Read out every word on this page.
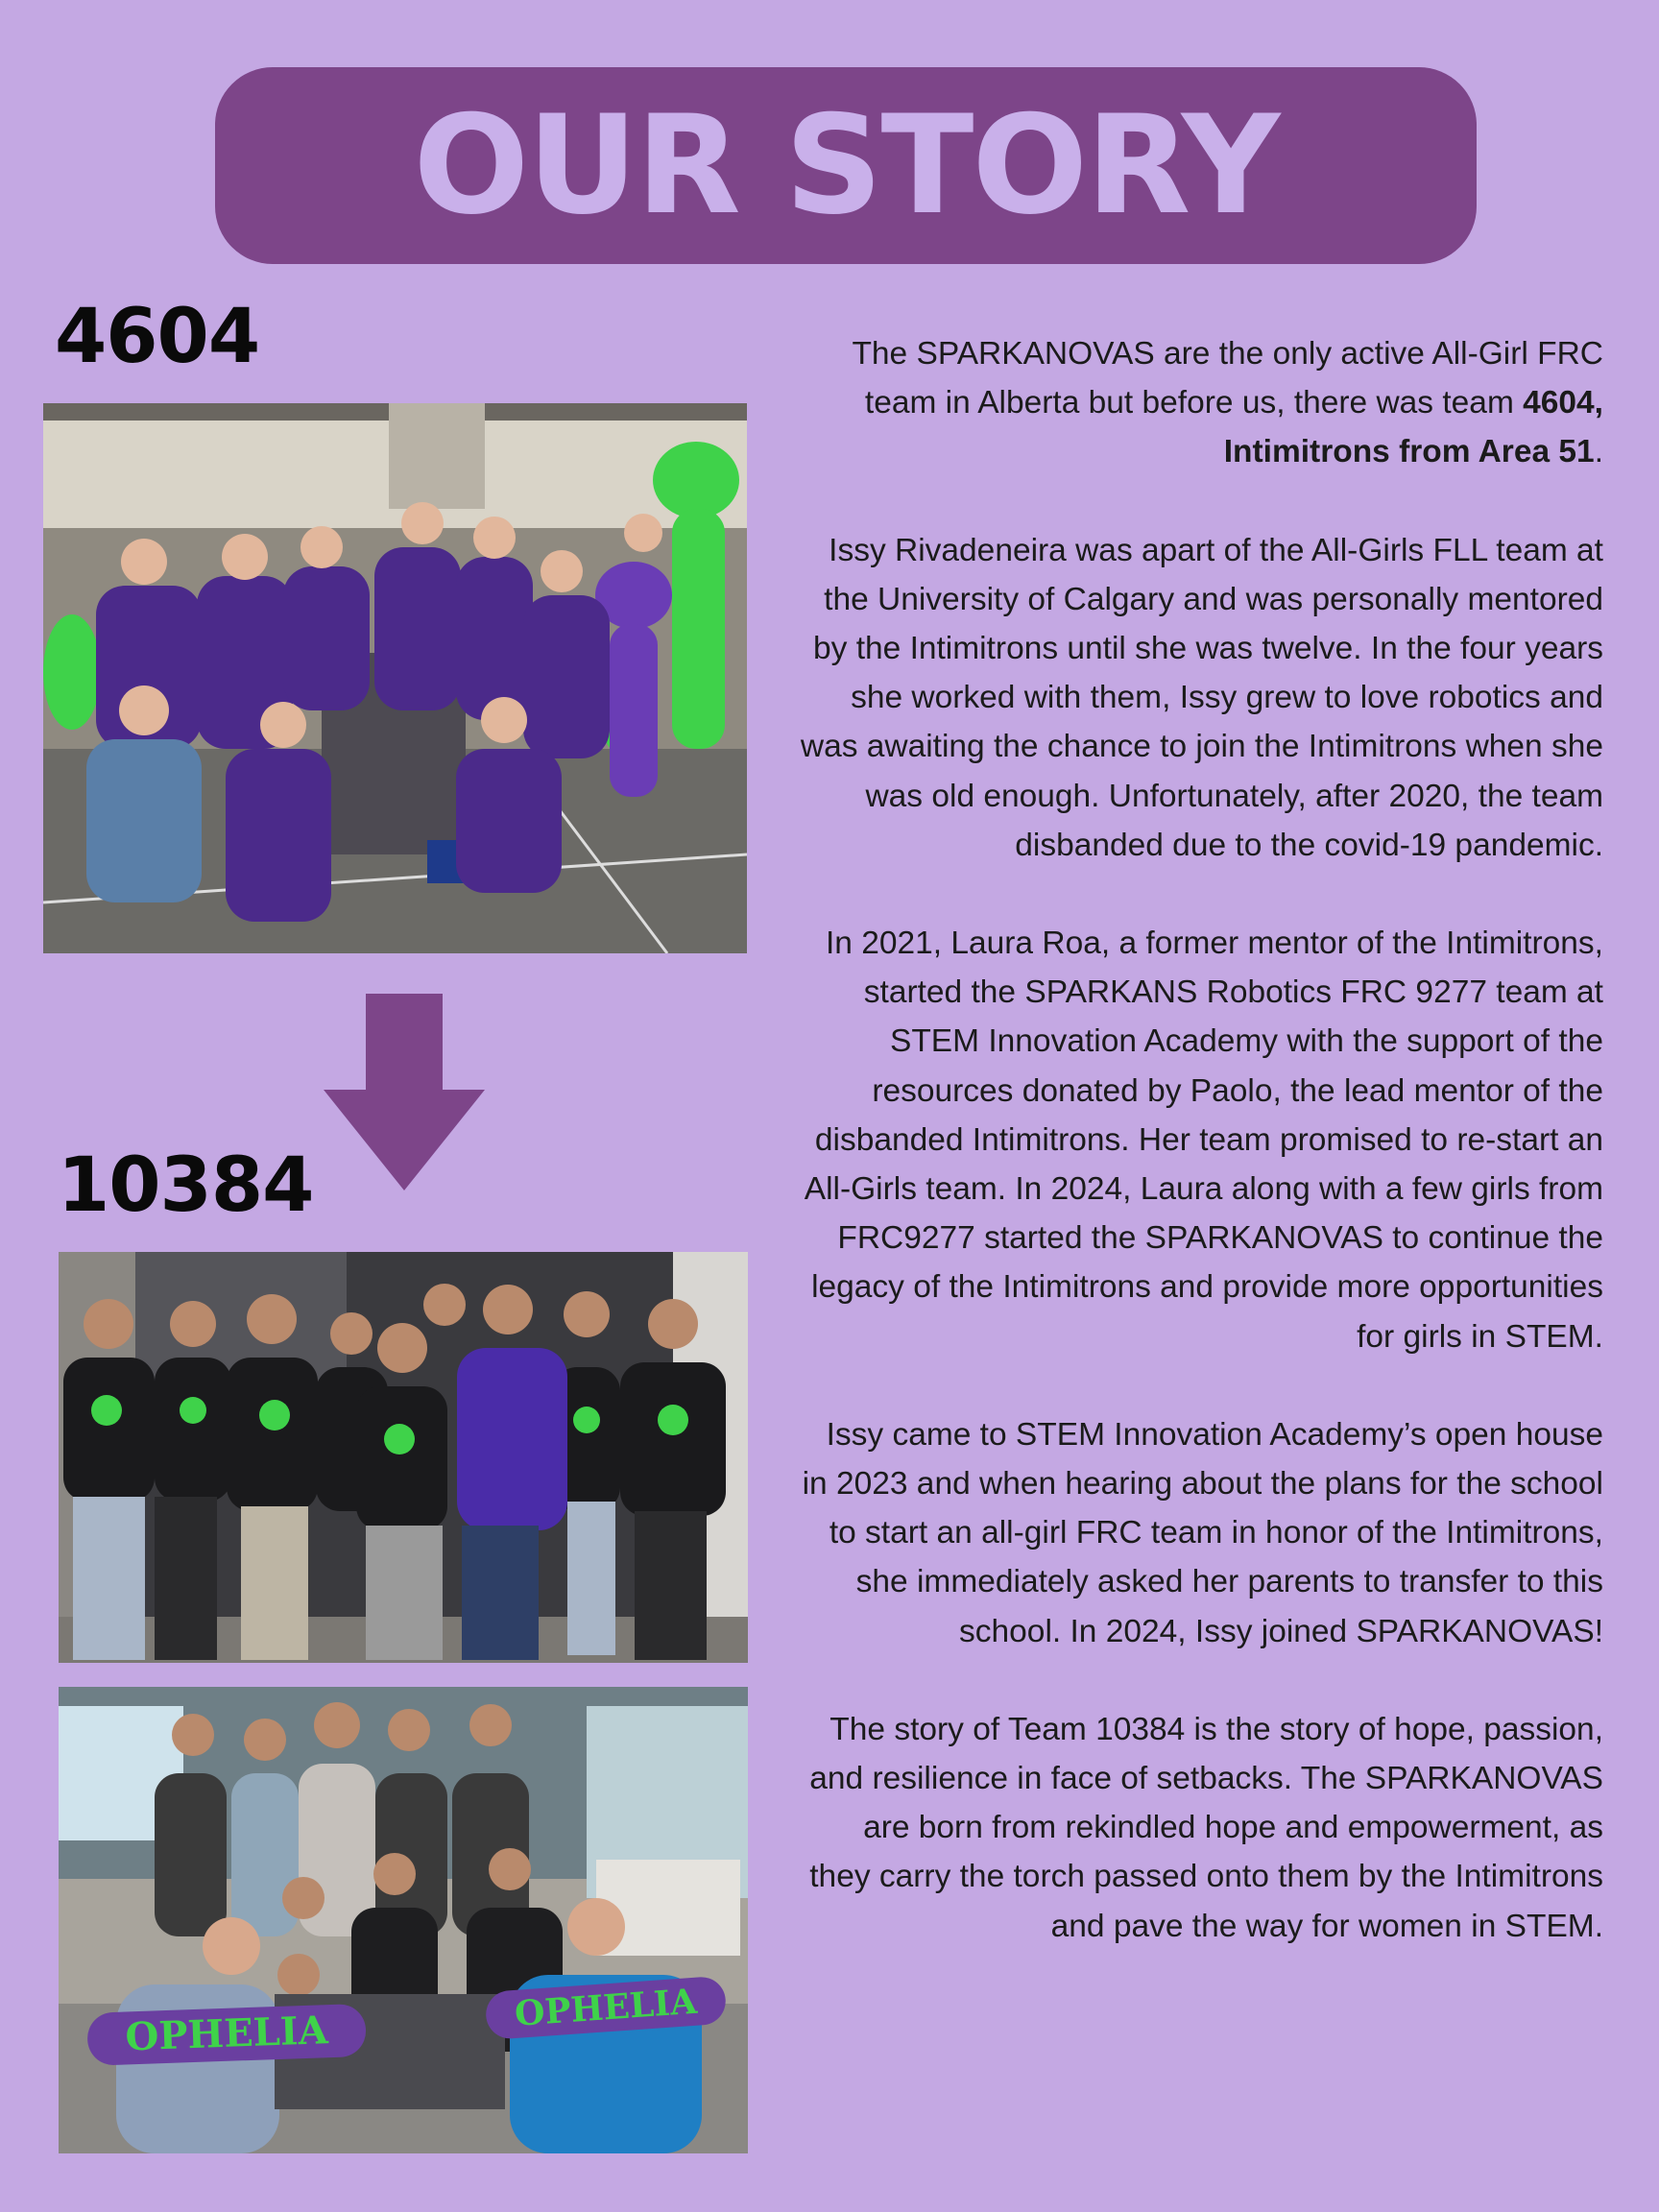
OUR STORY
4604
10384
OPHELIA	OPHELIA

The SPARKANOVAS are the only active All-Girl FRC team in Alberta but before us, there was team 4604, Intimitrons from Area 51.

Issy Rivadeneira was apart of the All-Girls FLL team at the University of Calgary and was personally mentored by the Intimitrons until she was twelve. In the four years she worked with them, Issy grew to love robotics and was awaiting the chance to join the Intimitrons when she was old enough. Unfortunately, after 2020, the team disbanded due to the covid-19 pandemic.

In 2021, Laura Roa, a former mentor of the Intimitrons, started the SPARKANS Robotics FRC 9277 team at STEM Innovation Academy with the support of the resources donated by Paolo, the lead mentor of the disbanded Intimitrons. Her team promised to re-start an All-Girls team. In 2024, Laura along with a few girls from FRC9277 started the SPARKANOVAS to continue the legacy of the Intimitrons and provide more opportunities for girls in STEM.

Issy came to STEM Innovation Academy’s open house in 2023 and when hearing about the plans for the school to start an all-girl FRC team in honor of the Intimitrons, she immediately asked her parents to transfer to this school. In 2024, Issy joined SPARKANOVAS!

The story of Team 10384 is the story of hope, passion, and resilience in face of setbacks. The SPARKANOVAS are born from rekindled hope and empowerment, as they carry the torch passed onto them by the Intimitrons and pave the way for women in STEM.
